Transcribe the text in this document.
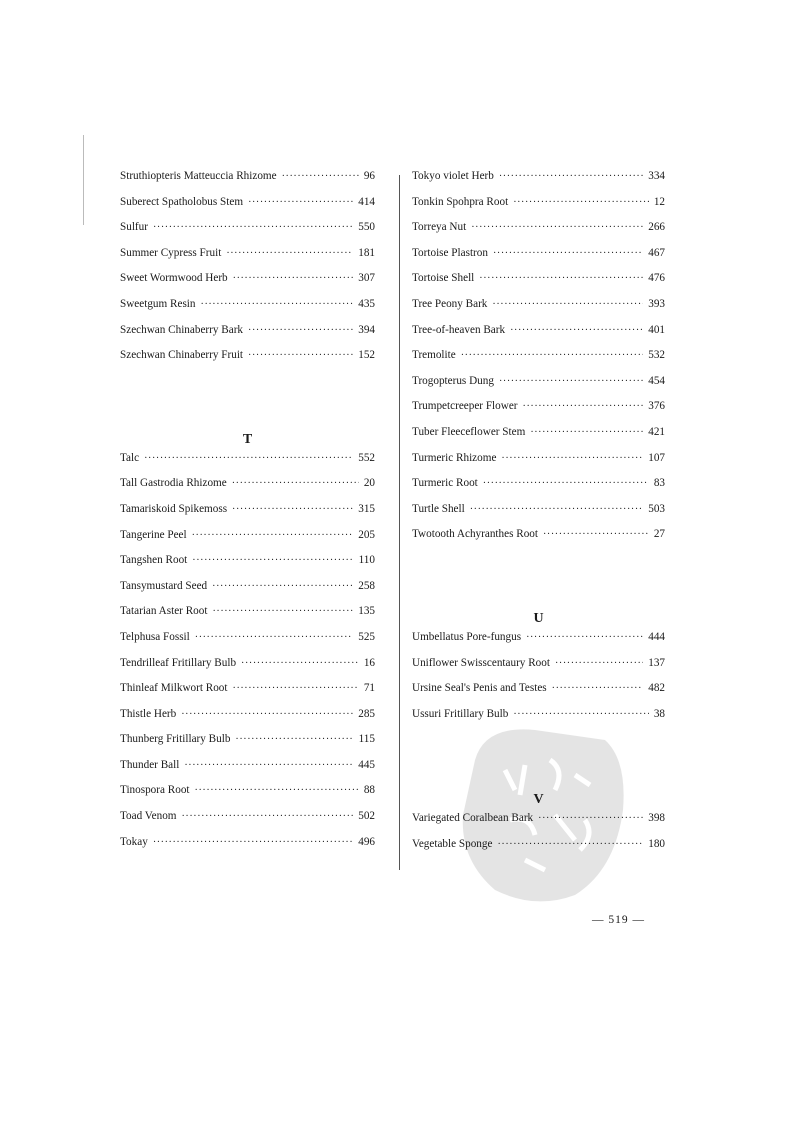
Struthiopteris Matteuccia Rhizome ·····	96
Suberect Spatholobus Stem ·····	414
Sulfur ·····	550
Summer Cypress Fruit ·····	181
Sweet Wormwood Herb ·····	307
Sweetgum Resin ·····	435
Szechwan Chinaberry Bark ·····	394
Szechwan Chinaberry Fruit ·····	152
T
Talc ·····	552
Tall Gastrodia Rhizome ·····	20
Tamariskoid Spikemoss ·····	315
Tangerine Peel ·····	205
Tangshen Root ·····	110
Tansymustard Seed ·····	258
Tatarian Aster Root ·····	135
Telphusa Fossil ·····	525
Tendrilleaf Fritillary Bulb ·····	16
Thinleaf Milkwort Root ·····	71
Thistle Herb ·····	285
Thunberg Fritillary Bulb ·····	115
Thunder Ball ·····	445
Tinospora Root ·····	88
Toad Venom ·····	502
Tokay ·····	496
Tokyo violet Herb ·····	334
Tonkin Spohpra Root ·····	12
Torreya Nut ·····	266
Tortoise Plastron ·····	467
Tortoise Shell ·····	476
Tree Peony Bark ·····	393
Tree-of-heaven Bark ·····	401
Tremolite ·····	532
Trogopterus Dung ·····	454
Trumpetcreeper Flower ·····	376
Tuber Fleeceflower Stem ·····	421
Turmeric Rhizome ·····	107
Turmeric Root ·····	83
Turtle Shell ·····	503
Twotooth Achyranthes Root ·····	27
U
Umbellatus Pore-fungus ·····	444
Uniflower Swisscentaury Root ·····	137
Ursine Seal's Penis and Testes ·····	482
Ussuri Fritillary Bulb ·····	38
V
Variegated Coralbean Bark ·····	398
Vegetable Sponge ·····	180
— 519 —
